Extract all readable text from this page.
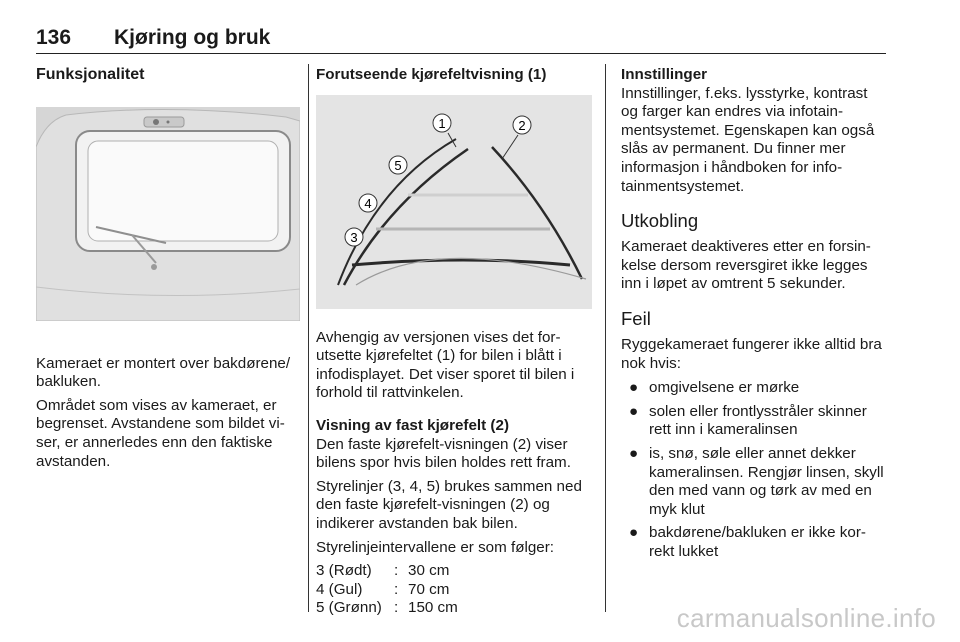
136 Kjøring og bruk
Funksjonalitet

Kameraet er montert over bakdørene/ bakluken.

Området som vises av kameraet, er begrenset. Avstandene som bildet vi- ser, er annerledes enn den faktiske avstanden.

Forutseende kjørefeltvisning (1)
1	2
3
4
5

Avhengig av versjonen vises det for- utsette kjørefeltet (1) for bilen i blått i infodisplayet. Det viser sporet til bilen i forhold til rattvinkelen.

Visning av fast kjørefelt (2)

Den faste kjørefelt-visningen (2) viser bilens spor hvis bilen holdes rett fram.

Styrelinjer (3, 4, 5) brukes sammen ned den faste kjørefelt-visningen (2) og indikerer avstanden bak bilen.

Styrelinjeintervallene er som følger:

3 (Rødt)	: 30 cm
4 (Gul)	: 70 cm
5 (Grønn) : 150 cm
Innstillinger

Innstillinger, f.eks. lysstyrke, kontrast og farger kan endres via infotain- mentsystemet. Egenskapen kan også slås av permanent. Du finner mer informasjon i håndboken for info- tainmentsystemet.

Utkobling

Kameraet deaktiveres etter en forsin- kelse dersom reversgiret ikke legges inn i løpet av omtrent 5 sekunder.

Feil

Ryggekameraet fungerer ikke alltid bra nok hvis:

● omgivelsene er mørke
● solen eller frontlysstråler skinner rett inn i kameralinsen
● is, snø, søle eller annet dekker kameralinsen. Rengjør linsen, skyll den med vann og tørk av med en myk klut
● bakdørene/bakluken er ikke kor- rekt lukket
carmanualsonline.info
